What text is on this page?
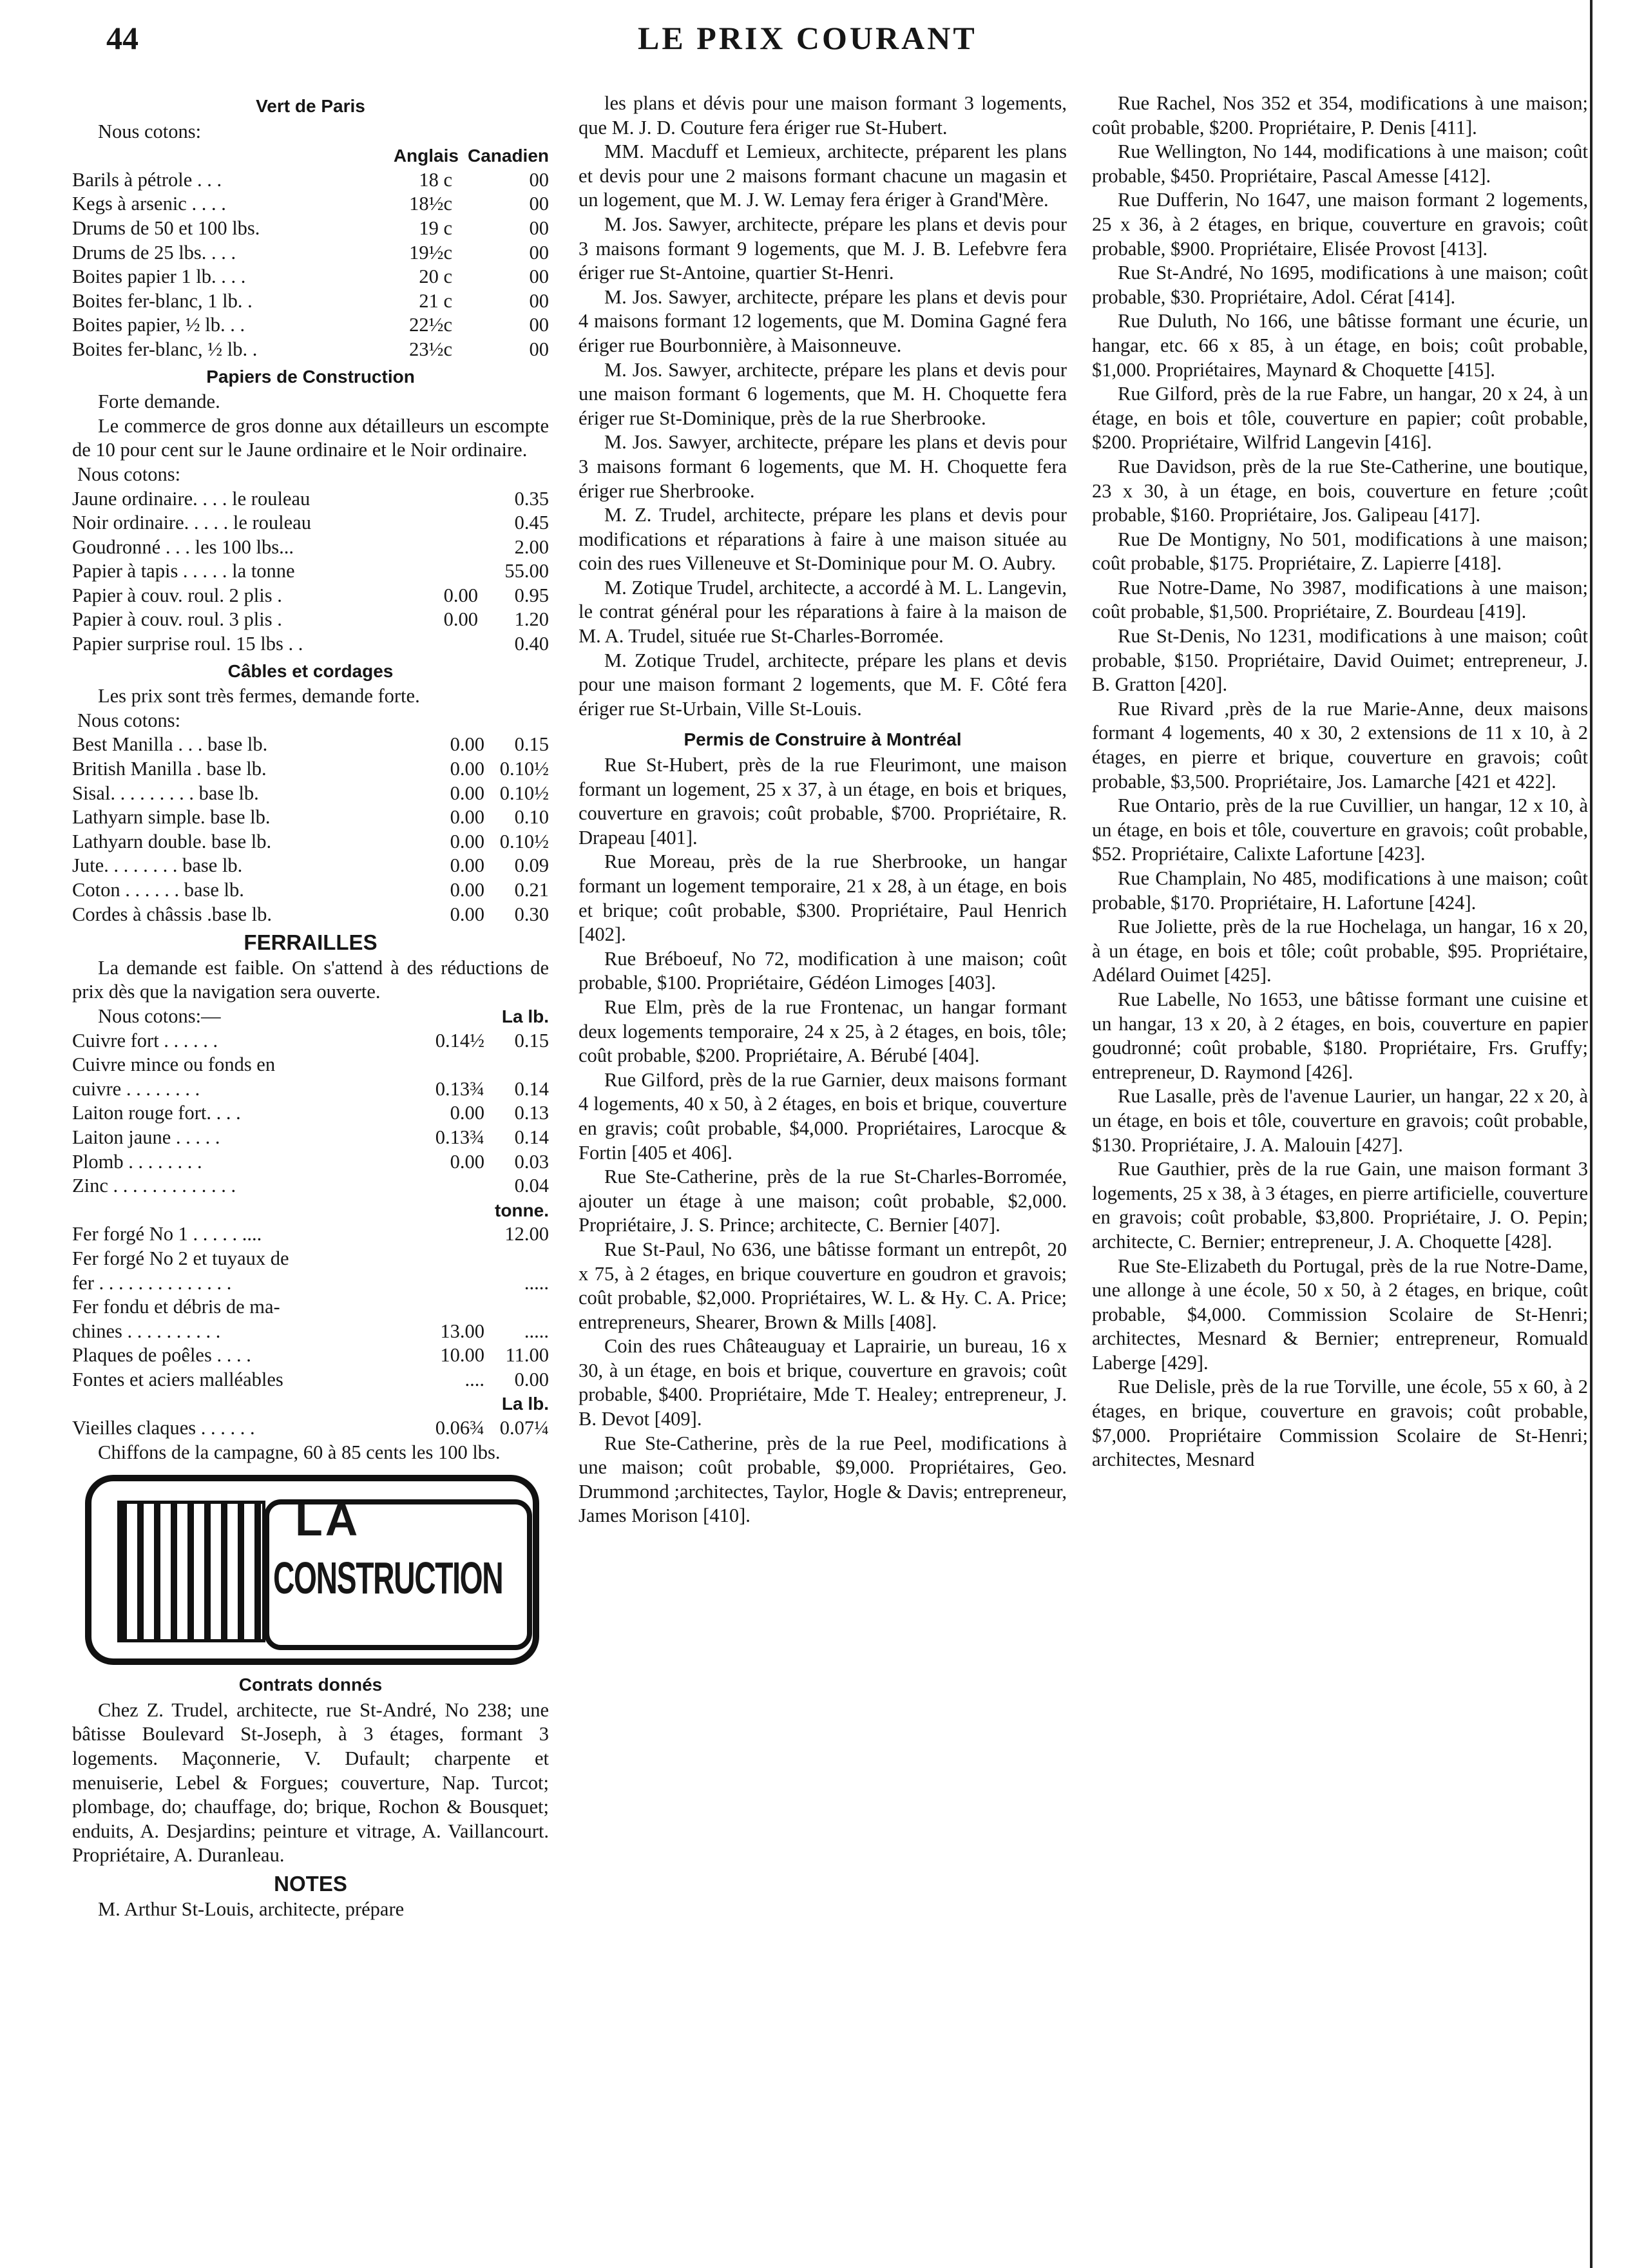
44	LE PRIX COURANT
Vert de Paris

Nous cotons:

Anglais Canadien
Barils à pétrole . . .	18 c	00
Kegs à arsenic . . . .	18½c	00
Drums de 50 et 100 lbs.	19 c	00
Drums de 25 lbs. . . .	19½c	00
Boites papier 1 lb. . . .	20 c	00
Boites fer-blanc, 1 lb. .	21 c	00
Boites papier, ½ lb. . .	22½c	00
Boites fer-blanc, ½ lb. .	23½c	00
Papiers de Construction

Forte demande.

Le commerce de gros donne aux détailleurs un escompte de 10 pour cent sur le Jaune ordinaire et le Noir ordinaire.

Nous cotons:

Jaune ordinaire. . . . le rouleau	0.35
Noir ordinaire. . . . . le rouleau	0.45
Goudronné . . . les 100 lbs...	2.00
Papier à tapis . . . . . la tonne	55.00
Papier à couv. roul. 2 plis .	0.00	0.95
Papier à couv. roul. 3 plis .	0.00	1.20
Papier surprise roul. 15 lbs . .	0.40
Câbles et cordages

Les prix sont très fermes, demande forte.

Nous cotons:

Best Manilla . . . base lb.	0.00	0.15
British Manilla . base lb.	0.00 0.10½
Sisal. . . . . . . . . base lb.	0.00 0.10½
Lathyarn simple. base lb.	0.00	0.10
Lathyarn double. base lb.	0.00 0.10½
Jute. . . . . . . . base lb.	0.00	0.09
Coton . . . . . . base lb.	0.00	0.21
Cordes à châssis .base lb.	0.00	0.30
FERRAILLES

La demande est faible. On s'attend à des réductions de prix dès que la navigation sera ouverte.

Nous cotons:—	La lb.
Cuivre fort . . . . . .	0.14½	0.15
Cuivre mince ou fonds en
cuivre . . . . . . . .	0.13¾	0.14
Laiton rouge fort. . . .	0.00	0.13
Laiton jaune . . . . .	0.13¾	0.14
Plomb . . . . . . . .	0.00	0.03
Zinc . . . . . . . . . . . . .	0.04
tonne.
Fer forgé No 1 . . . . . ....	12.00
Fer forgé No 2 et tuyaux de
fer . . . . . . . . . . . . . .	.....
Fer fondu et débris de ma-
chines . . . . . . . . . .	13.00	.....
Plaques de poêles . . . .	10.00	11.00
Fontes et aciers malléables	....	0.00
La lb.
Vieilles claques . . . . . .	0.06¾ 0.07¼

Chiffons de la campagne, 60 à 85 cents les 100 lbs.

LA
CONSTRUCTION
Contrats donnés

Chez Z. Trudel, architecte, rue St-André, No 238; une bâtisse Boulevard St-Joseph, à 3 étages, formant 3 logements. Maçonnerie, V. Dufault; charpente et menuiserie, Lebel & Forgues; couverture, Nap. Turcot; plombage, do; chauffage, do; brique, Rochon & Bousquet; enduits, A. Desjardins; peinture et vitrage, A. Vaillancourt. Propriétaire, A. Duranleau.

NOTES

M. Arthur St-Louis, architecte, prépare

les plans et dévis pour une maison formant 3 logements, que M. J. D. Couture fera ériger rue St-Hubert.

MM. Macduff et Lemieux, architecte, préparent les plans et devis pour une 2 maisons formant chacune un magasin et un logement, que M. J. W. Lemay fera ériger à Grand'Mère.

M. Jos. Sawyer, architecte, prépare les plans et devis pour 3 maisons formant 9 logements, que M. J. B. Lefebvre fera ériger rue St-Antoine, quartier St-Henri.

M. Jos. Sawyer, architecte, prépare les plans et devis pour 4 maisons formant 12 logements, que M. Domina Gagné fera ériger rue Bourbonnière, à Maisonneuve.

M. Jos. Sawyer, architecte, prépare les plans et devis pour une maison formant 6 logements, que M. H. Choquette fera ériger rue St-Dominique, près de la rue Sherbrooke.

M. Jos. Sawyer, architecte, prépare les plans et devis pour 3 maisons formant 6 logements, que M. H. Choquette fera ériger rue Sherbrooke.

M. Z. Trudel, architecte, prépare les plans et devis pour modifications et réparations à faire à une maison située au coin des rues Villeneuve et St-Dominique pour M. O. Aubry.

M. Zotique Trudel, architecte, a accordé à M. L. Langevin, le contrat général pour les réparations à faire à la maison de M. A. Trudel, située rue St-Charles-Borromée.

M. Zotique Trudel, architecte, prépare les plans et devis pour une maison formant 2 logements, que M. F. Côté fera ériger rue St-Urbain, Ville St-Louis.

Permis de Construire à Montréal

Rue St-Hubert, près de la rue Fleurimont, une maison formant un logement, 25 x 37, à un étage, en bois et briques, couverture en gravois; coût probable, $700. Propriétaire, R. Drapeau [401].

Rue Moreau, près de la rue Sherbrooke, un hangar formant un logement temporaire, 21 x 28, à un étage, en bois et brique; coût probable, $300. Propriétaire, Paul Henrich [402].

Rue Bréboeuf, No 72, modification à une maison; coût probable, $100. Propriétaire, Gédéon Limoges [403].

Rue Elm, près de la rue Frontenac, un hangar formant deux logements temporaire, 24 x 25, à 2 étages, en bois, tôle; coût probable, $200. Propriétaire, A. Bérubé [404].

Rue Gilford, près de la rue Garnier, deux maisons formant 4 logements, 40 x 50, à 2 étages, en bois et brique, couverture en gravis; coût probable, $4,000. Propriétaires, Larocque & Fortin [405 et 406].

Rue Ste-Catherine, près de la rue St-Charles-Borromée, ajouter un étage à une maison; coût probable, $2,000. Propriétaire, J. S. Prince; architecte, C. Bernier [407].

Rue St-Paul, No 636, une bâtisse formant un entrepôt, 20 x 75, à 2 étages, en brique couverture en goudron et gravois; coût probable, $2,000. Propriétaires, W. L. & Hy. C. A. Price; entrepreneurs, Shearer, Brown & Mills [408].

Coin des rues Châteauguay et Laprairie, un bureau, 16 x 30, à un étage, en bois et brique, couverture en gravois; coût probable, $400. Propriétaire, Mde T. Healey; entrepreneur, J. B. Devot [409].

Rue Ste-Catherine, près de la rue Peel, modifications à une maison; coût probable, $9,000. Propriétaires, Geo. Drummond ;architectes, Taylor, Hogle & Davis; entrepreneur, James Morison [410].

Rue Rachel, Nos 352 et 354, modifications à une maison; coût probable, $200. Propriétaire, P. Denis [411].

Rue Wellington, No 144, modifications à une maison; coût probable, $450. Propriétaire, Pascal Amesse [412].

Rue Dufferin, No 1647, une maison formant 2 logements, 25 x 36, à 2 étages, en brique, couverture en gravois; coût probable, $900. Propriétaire, Elisée Provost [413].

Rue St-André, No 1695, modifications à une maison; coût probable, $30. Propriétaire, Adol. Cérat [414].

Rue Duluth, No 166, une bâtisse formant une écurie, un hangar, etc. 66 x 85, à un étage, en bois; coût probable, $1,000. Propriétaires, Maynard & Choquette [415].

Rue Gilford, près de la rue Fabre, un hangar, 20 x 24, à un étage, en bois et tôle, couverture en papier; coût probable, $200. Propriétaire, Wilfrid Langevin [416].

Rue Davidson, près de la rue Ste-Catherine, une boutique, 23 x 30, à un étage, en bois, couverture en feture ;coût probable, $160. Propriétaire, Jos. Galipeau [417].

Rue De Montigny, No 501, modifications à une maison; coût probable, $175. Propriétaire, Z. Lapierre [418].

Rue Notre-Dame, No 3987, modifications à une maison; coût probable, $1,500. Propriétaire, Z. Bourdeau [419].

Rue St-Denis, No 1231, modifications à une maison; coût probable, $150. Propriétaire, David Ouimet; entrepreneur, J. B. Gratton [420].

Rue Rivard ,près de la rue Marie-Anne, deux maisons formant 4 logements, 40 x 30, 2 extensions de 11 x 10, à 2 étages, en pierre et brique, couverture en gravois; coût probable, $3,500. Propriétaire, Jos. Lamarche [421 et 422].

Rue Ontario, près de la rue Cuvillier, un hangar, 12 x 10, à un étage, en bois et tôle, couverture en gravois; coût probable, $52. Propriétaire, Calixte Lafortune [423].

Rue Champlain, No 485, modifications à une maison; coût probable, $170. Propriétaire, H. Lafortune [424].

Rue Joliette, près de la rue Hochelaga, un hangar, 16 x 20, à un étage, en bois et tôle; coût probable, $95. Propriétaire, Adélard Ouimet [425].

Rue Labelle, No 1653, une bâtisse formant une cuisine et un hangar, 13 x 20, à 2 étages, en bois, couverture en papier goudronné; coût probable, $180. Propriétaire, Frs. Gruffy; entrepreneur, D. Raymond [426].

Rue Lasalle, près de l'avenue Laurier, un hangar, 22 x 20, à un étage, en bois et tôle, couverture en gravois; coût probable, $130. Propriétaire, J. A. Malouin [427].

Rue Gauthier, près de la rue Gain, une maison formant 3 logements, 25 x 38, à 3 étages, en pierre artificielle, couverture en gravois; coût probable, $3,800. Propriétaire, J. O. Pepin; architecte, C. Bernier; entrepreneur, J. A. Choquette [428].

Rue Ste-Elizabeth du Portugal, près de la rue Notre-Dame, une allonge à une école, 50 x 50, à 2 étages, en brique, coût probable, $4,000. Commission Scolaire de St-Henri; architectes, Mesnard & Bernier; entrepreneur, Romuald Laberge [429].

Rue Delisle, près de la rue Torville, une école, 55 x 60, à 2 étages, en brique, couverture en gravois; coût probable, $7,000. Propriétaire Commission Scolaire de St-Henri; architectes, Mesnard
